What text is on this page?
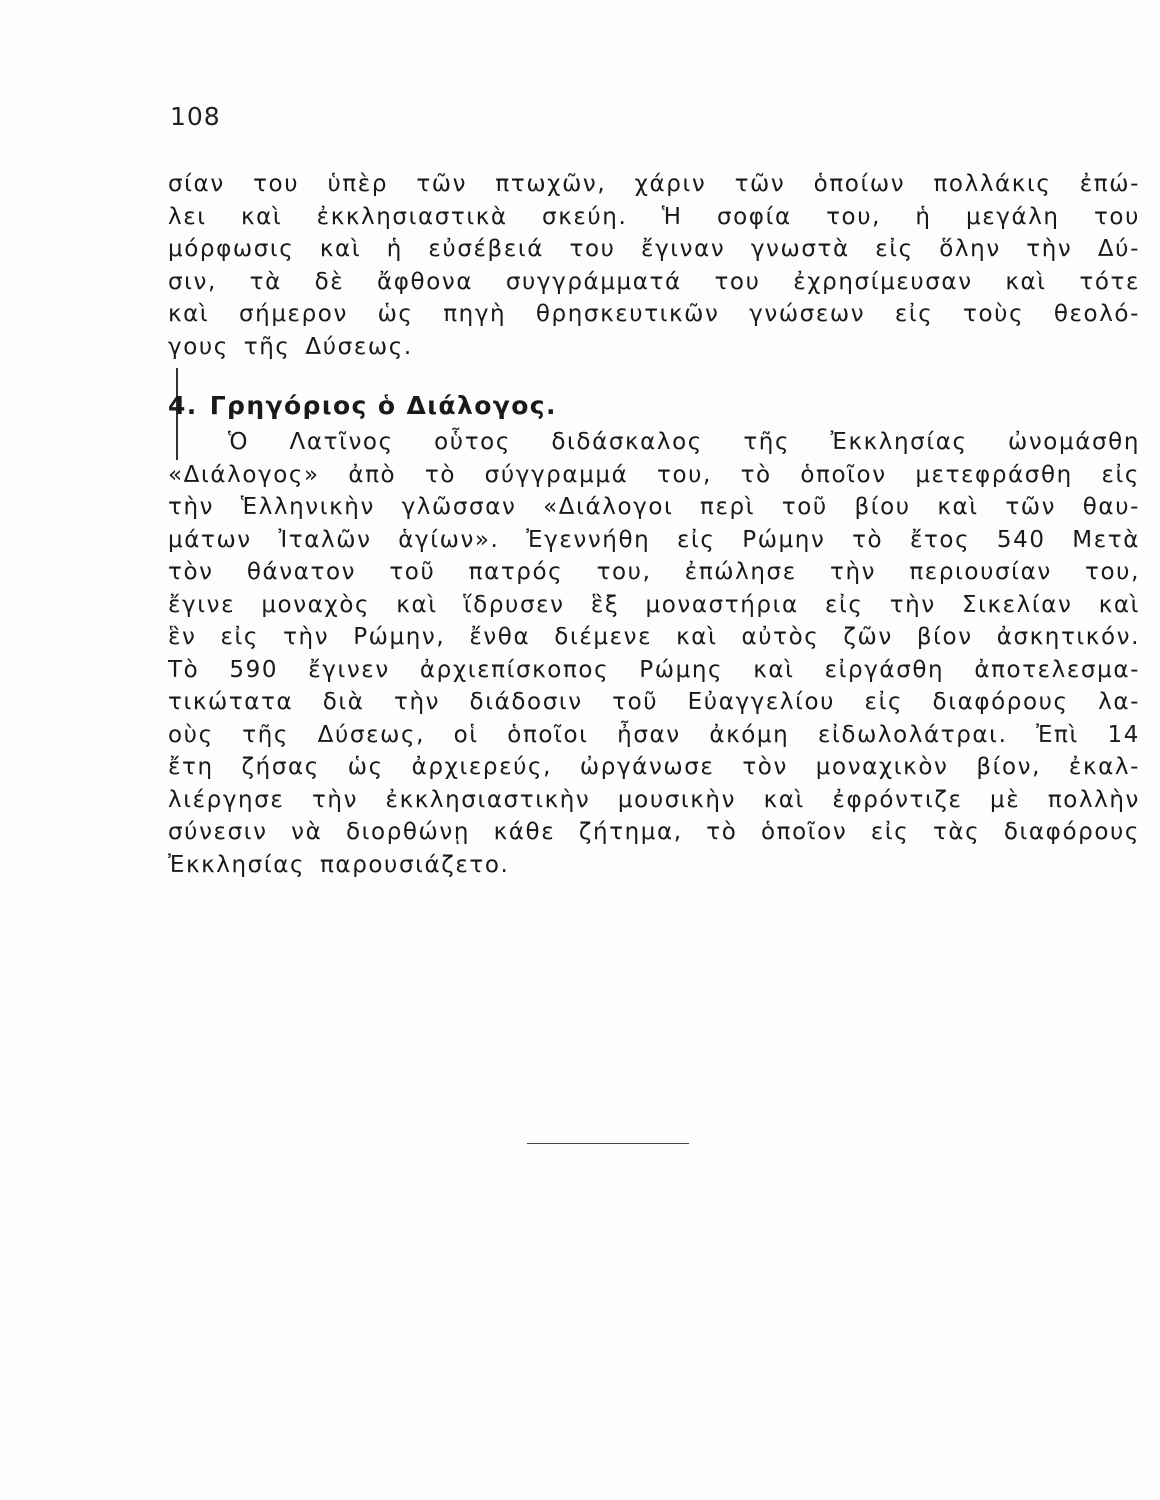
108
σίαν του ὑπὲρ τῶν πτωχῶν, χάριν τῶν ὁποίων πολλάκις ἐπώ-
λει καὶ ἐκκλησιαστικὰ σκεύη. Ἡ σοφία του, ἡ μεγάλη του
μόρφωσις καὶ ἡ εὐσέβειά του ἔγιναν γνωστὰ εἰς ὅλην τὴν Δύ-
σιν, τὰ δὲ ἄφθονα συγγράμματά του ἐχρησίμευσαν καὶ τότε
καὶ σήμερον ὡς πηγὴ θρησκευτικῶν γνώσεων εἰς τοὺς θεολό-
γους τῆς Δύσεως.
4. Γρηγόριος ὁ Διάλογος.
Ὁ Λατῖνος οὗτος διδάσκαλος τῆς Ἐκκλησίας ὠνομάσθη
«Διάλογος» ἀπὸ τὸ σύγγραμμά του, τὸ ὁποῖον μετεφράσθη εἰς
τὴν Ἑλληνικὴν γλῶσσαν «Διάλογοι περὶ τοῦ βίου καὶ τῶν θαυ-
μάτων Ἰταλῶν ἁγίων». Ἐγεννήθη εἰς Ρώμην τὸ ἔτος 540 Μετὰ
τὸν θάνατον τοῦ πατρός του, ἐπώλησε τὴν περιουσίαν του,
ἔγινε μοναχὸς καὶ ἵδρυσεν ἓξ μοναστήρια εἰς τὴν Σικελίαν καὶ
ἓν εἰς τὴν Ρώμην, ἔνθα διέμενε καὶ αὐτὸς ζῶν βίον ἀσκητικόν.
Τὸ 590 ἔγινεν ἀρχιεπίσκοπος Ρώμης καὶ εἰργάσθη ἀποτελεσμα-
τικώτατα διὰ τὴν διάδοσιν τοῦ Εὐαγγελίου εἰς διαφόρους λα-
οὺς τῆς Δύσεως, οἱ ὁποῖοι ἦσαν ἀκόμη εἰδωλολάτραι. Ἐπὶ 14
ἔτη ζήσας ὡς ἀρχιερεύς, ὠργάνωσε τὸν μοναχικὸν βίον, ἐκαλ-
λιέργησε τὴν ἐκκλησιαστικὴν μουσικὴν καὶ ἐφρόντιζε μὲ πολλὴν
σύνεσιν νὰ διορθώνῃ κάθε ζήτημα, τὸ ὁποῖον εἰς τὰς διαφόρους
Ἐκκλησίας παρουσιάζετο.
